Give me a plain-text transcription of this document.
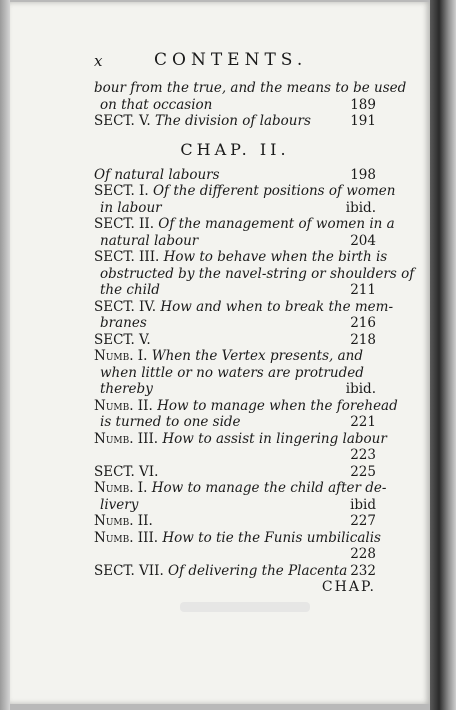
x	CONTENTS.
bour from the true, and the means to be used
on that occasion	189
SECT. V. The division of labours	191
CHAP. II.
Of natural labours	198
SECT. I. Of the different positions of women
in labour	ibid.
SECT. II. Of the management of women in a
natural labour	204
SECT. III. How to behave when the birth is
obstructed by the navel-string or shoulders of
the child	211
SECT. IV. How and when to break the mem-
branes	216
SECT. V.	218
Numb. I. When the Vertex presents, and
when little or no waters are protruded
thereby	ibid.
Numb. II. How to manage when the forehead
is turned to one side	221
Numb. III. How to assist in lingering labour
223
SECT. VI.	225
Numb. I. How to manage the child after de-
livery	ibid
Numb. II.	227
Numb. III. How to tie the Funis umbilicalis
228
SECT. VII. Of delivering the Placenta 232
CHAP.
